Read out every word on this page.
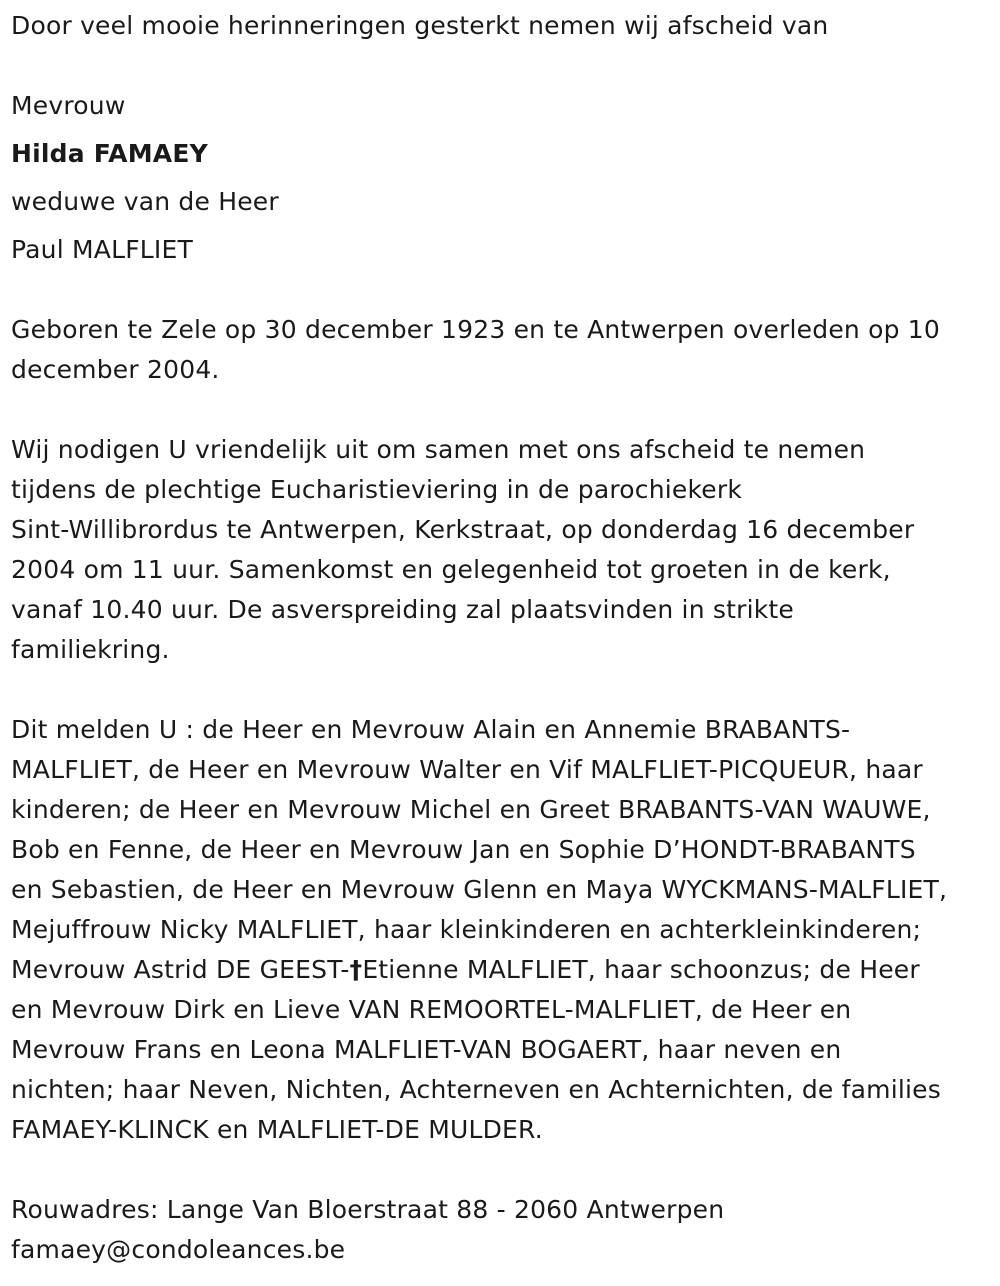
Door veel mooie herinneringen gesterkt nemen wij afscheid van

Mevrouw

Hilda FAMAEY

weduwe van de Heer

Paul MALFLIET

Geboren te Zele op 30 december 1923 en te Antwerpen overleden op 10

december 2004.

Wij nodigen U vriendelijk uit om samen met ons afscheid te nemen

tijdens de plechtige Eucharistieviering in de parochiekerk

Sint-Willibrordus te Antwerpen, Kerkstraat, op donderdag 16 december

2004 om 11 uur. Samenkomst en gelegenheid tot groeten in de kerk,

vanaf 10.40 uur. De asverspreiding zal plaatsvinden in strikte

familiekring.

Dit melden U : de Heer en Mevrouw Alain en Annemie BRABANTS-

MALFLIET, de Heer en Mevrouw Walter en Vif MALFLIET-PICQUEUR, haar

kinderen; de Heer en Mevrouw Michel en Greet BRABANTS-VAN WAUWE,

Bob en Fenne, de Heer en Mevrouw Jan en Sophie D’HONDT-BRABANTS

en Sebastien, de Heer en Mevrouw Glenn en Maya WYCKMANS-MALFLIET,

Mejuffrouw Nicky MALFLIET, haar kleinkinderen en achterkleinkinderen;

Mevrouw Astrid DE GEEST-†Etienne MALFLIET, haar schoonzus; de Heer

en Mevrouw Dirk en Lieve VAN REMOORTEL-MALFLIET, de Heer en

Mevrouw Frans en Leona MALFLIET-VAN BOGAERT, haar neven en

nichten; haar Neven, Nichten, Achterneven en Achternichten, de families

FAMAEY-KLINCK en MALFLIET-DE MULDER.

Rouwadres: Lange Van Bloerstraat 88 - 2060 Antwerpen

famaey@condoleances.be
